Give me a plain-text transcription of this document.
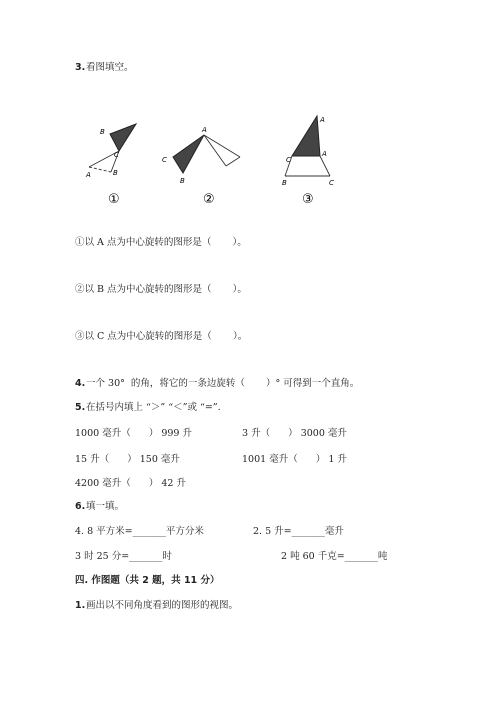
3. 看图填空。
B
A
C
B
①
A
C
B
②
A
C
A
B	C
③
①以 A 点为中心旋转的图形是（       ）。
②以 B 点为中心旋转的图形是（       ）。
③以 C 点为中心旋转的图形是（       ）。
4. 一个 30°  的角，将它的一条边旋转（       ）° 可得到一个直角。
5. 在括号内填上 “＞” “＜”或 “=”.
1000 毫升（      ） 999 升	3 升（      ） 3000 毫升
15 升（      ） 150 毫升	1001 毫升（      ） 1 升
4200 毫升（      ） 42 升
6. 填一填。
4. 8 平方米=_______平方分米	2. 5 升=_______毫升
3 时 25 分=_______时	2 吨 60 千克=_______吨
四. 作图题（共 2 题，共 11 分）
1. 画出以不同角度看到的图形的视图。
